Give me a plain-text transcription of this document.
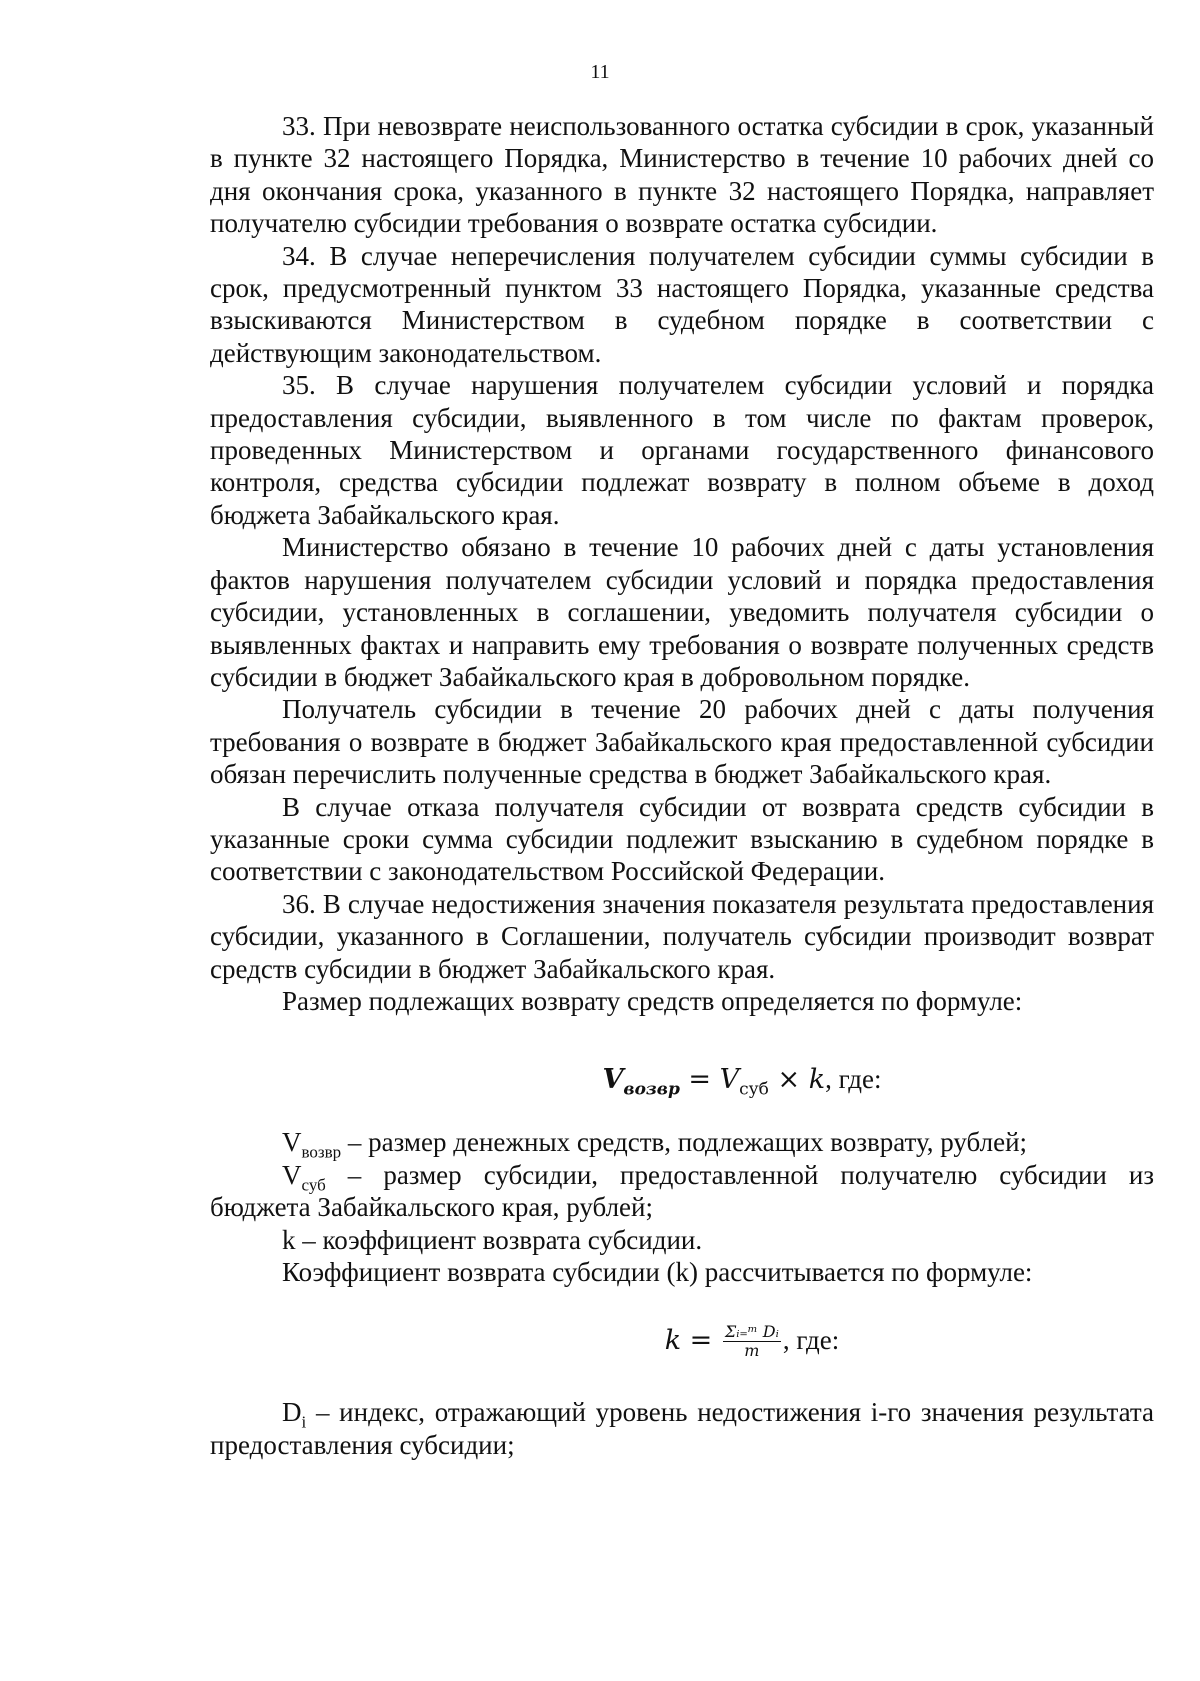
11

33. При невозврате неиспользованного остатка субсидии в срок, указанный в пункте 32 настоящего Порядка, Министерство в течение 10 рабочих дней со дня окончания срока, указанного в пункте 32 настоящего Порядка, направляет получателю субсидии требования о возврате остатка субсидии.

34. В случае неперечисления получателем субсидии суммы субсидии в срок, предусмотренный пунктом 33 настоящего Порядка, указанные средства взыскиваются Министерством в судебном порядке в соответствии с действующим законодательством.

35. В случае нарушения получателем субсидии условий и порядка предоставления субсидии, выявленного в том числе по фактам проверок, проведенных Министерством и органами государственного финансового контроля, средства субсидии подлежат возврату в полном объеме в доход бюджета Забайкальского края.

Министерство обязано в течение 10 рабочих дней с даты установления фактов нарушения получателем субсидии условий и порядка предоставления субсидии, установленных в соглашении, уведомить получателя субсидии о выявленных фактах и направить ему требования о возврате полученных средств субсидии в бюджет Забайкальского края в добровольном порядке.

Получатель субсидии в течение 20 рабочих дней с даты получения требования о возврате в бюджет Забайкальского края предоставленной субсидии обязан перечислить полученные средства в бюджет Забайкальского края.

В случае отказа получателя субсидии от возврата средств субсидии в указанные сроки сумма субсидии подлежит взысканию в судебном порядке в соответствии с законодательством Российской Федерации.

36. В случае недостижения значения показателя результата предоставления субсидии, указанного в Соглашении, получатель субсидии производит возврат средств субсидии в бюджет Забайкальского края.

Размер подлежащих возврату средств определяется по формуле:

$V_{возвр} = V_{суб} \times k$, где:

$V_{возвр}$ – размер денежных средств, подлежащих возврату, рублей;

$V_{суб}$ – размер субсидии, предоставленной получателю субсидии из бюджета Забайкальского края, рублей;

k – коэффициент возврата субсидии.

Коэффициент возврата субсидии (k) рассчитывается по формуле:

$k = \frac{\text{Σᵢ₌ᵐ Dᵢ}}{m}$ , где:

$D_i$ – индекс, отражающий уровень недостижения i-го значения результата предоставления субсидии;
